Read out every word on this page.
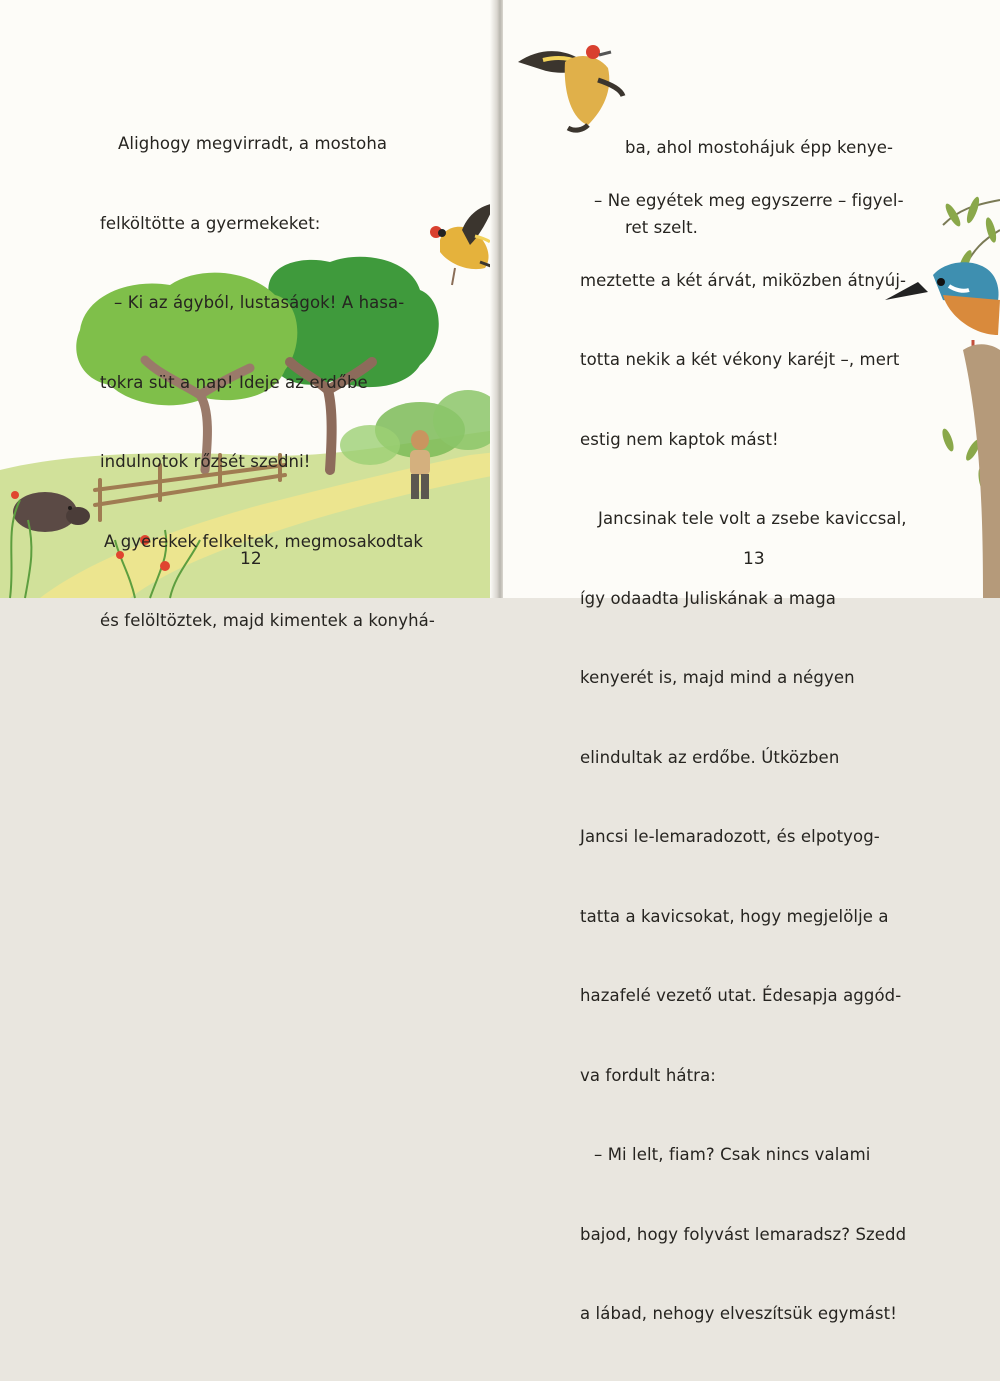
Alighogy megvirradt, a mostoha

felköltötte a gyermekeket:

– Ki az ágyból, lustaságok! A hasa-

tokra süt a nap! Ideje az erdőbe

indulnotok rőzsét szedni!

A gyerekek felkeltek, megmosakodtak

és felöltöztek, majd kimentek a konyhá-

12

ba, ahol mostohájuk épp kenye-

ret szelt.

– Ne egyétek meg egyszerre – figyel-

meztette a két árvát, miközben átnyúj-

totta nekik a két vékony karéjt –, mert

estig nem kaptok mást!

Jancsinak tele volt a zsebe kaviccsal,

így odaadta Juliskának a maga

kenyerét is, majd mind a négyen

elindultak az erdőbe. Útközben

Jancsi le-lemaradozott, és elpotyog-

tatta a kavicsokat, hogy megjelölje a

hazafelé vezető utat. Édesapja aggód-

va fordult hátra:

– Mi lelt, fiam? Csak nincs valami

bajod, hogy folyvást lemaradsz? Szedd

a lábad, nehogy elveszítsük egymást!

13
